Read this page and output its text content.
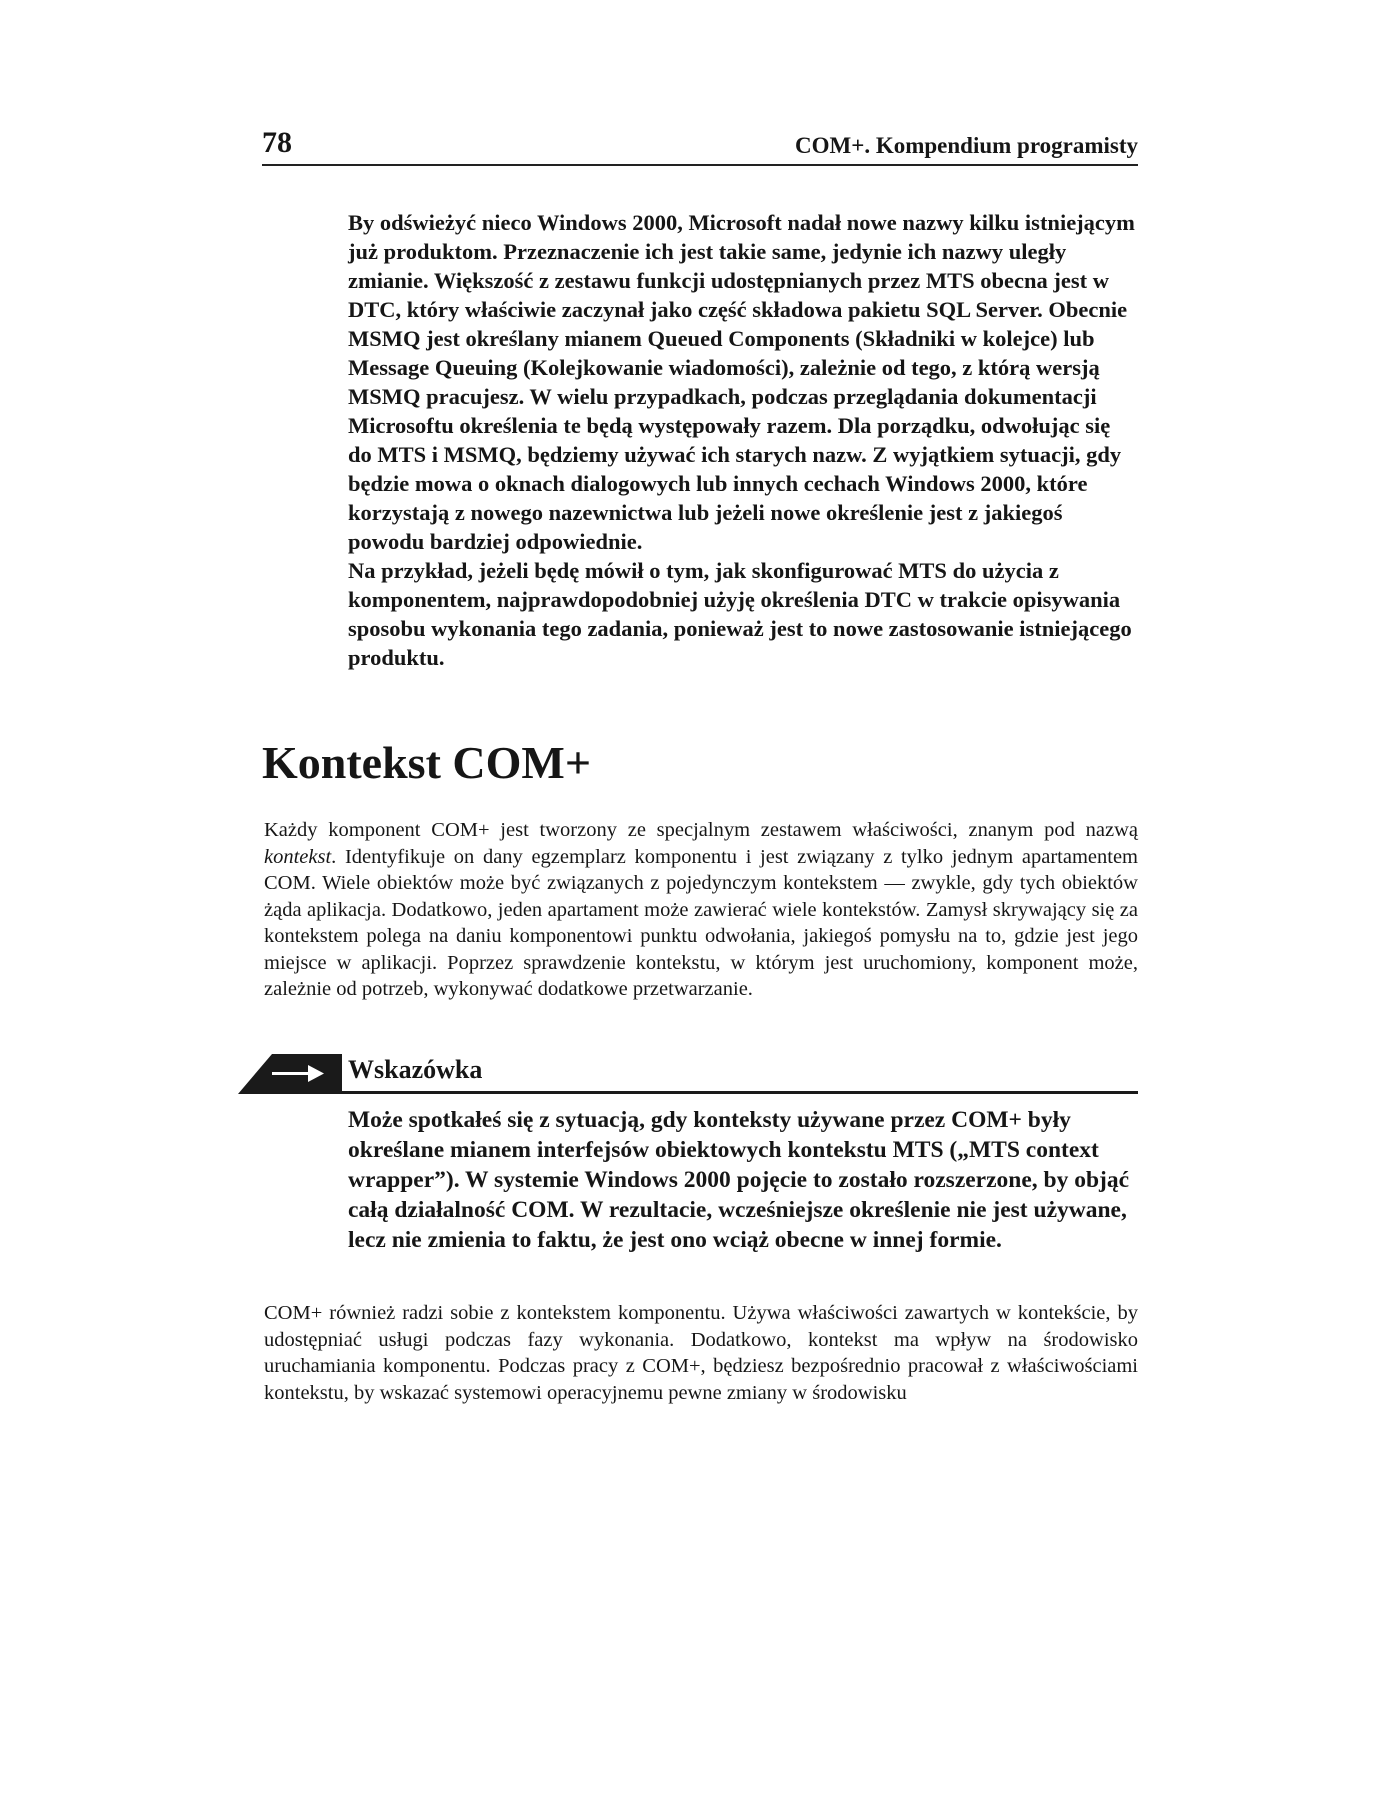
78	COM+. Kompendium programisty
By odświeżyć nieco Windows 2000, Microsoft nadał nowe nazwy kilku istniejącym już produktom. Przeznaczenie ich jest takie same, jedynie ich nazwy uległy zmianie. Większość z zestawu funkcji udostępnianych przez MTS obecna jest w DTC, który właściwie zaczynał jako część składowa pakietu SQL Server. Obecnie MSMQ jest określany mianem Queued Components (Składniki w kolejce) lub Message Queuing (Kolejkowanie wiadomości), zależnie od tego, z którą wersją MSMQ pracujesz. W wielu przypadkach, podczas przeglądania dokumentacji Microsoftu określenia te będą występowały razem. Dla porządku, odwołując się do MTS i MSMQ, będziemy używać ich starych nazw. Z wyjątkiem sytuacji, gdy będzie mowa o oknach dialogowych lub innych cechach Windows 2000, które korzystają z nowego nazewnictwa lub jeżeli nowe określenie jest z jakiegoś powodu bardziej odpowiednie.
Na przykład, jeżeli będę mówił o tym, jak skonfigurować MTS do użycia z komponentem, najprawdopodobniej użyję określenia DTC w trakcie opisywania sposobu wykonania tego zadania, ponieważ jest to nowe zastosowanie istniejącego produktu.
Kontekst COM+

Każdy komponent COM+ jest tworzony ze specjalnym zestawem właściwości, znanym pod nazwą kontekst. Identyfikuje on dany egzemplarz komponentu i jest związany z tylko jednym apartamentem COM. Wiele obiektów może być związanych z pojedynczym kontekstem — zwykle, gdy tych obiektów żąda aplikacja. Dodatkowo, jeden apartament może zawierać wiele kontekstów. Zamysł skrywający się za kontekstem polega na daniu komponentowi punktu odwołania, jakiegoś pomysłu na to, gdzie jest jego miejsce w aplikacji. Poprzez sprawdzenie kontekstu, w którym jest uruchomiony, komponent może, zależnie od potrzeb, wykonywać dodatkowe przetwarzanie.

Wskazówka

Może spotkałeś się z sytuacją, gdy konteksty używane przez COM+ były określane mianem interfejsów obiektowych kontekstu MTS („MTS context wrapper”). W systemie Windows 2000 pojęcie to zostało rozszerzone, by objąć całą działalność COM. W rezultacie, wcześniejsze określenie nie jest używane, lecz nie zmienia to faktu, że jest ono wciąż obecne w innej formie.

COM+ również radzi sobie z kontekstem komponentu. Używa właściwości zawartych w kontekście, by udostępniać usługi podczas fazy wykonania. Dodatkowo, kontekst ma wpływ na środowisko uruchamiania komponentu. Podczas pracy z COM+, będziesz bezpośrednio pracował z właściwościami kontekstu, by wskazać systemowi operacyjnemu pewne zmiany w środowisku
